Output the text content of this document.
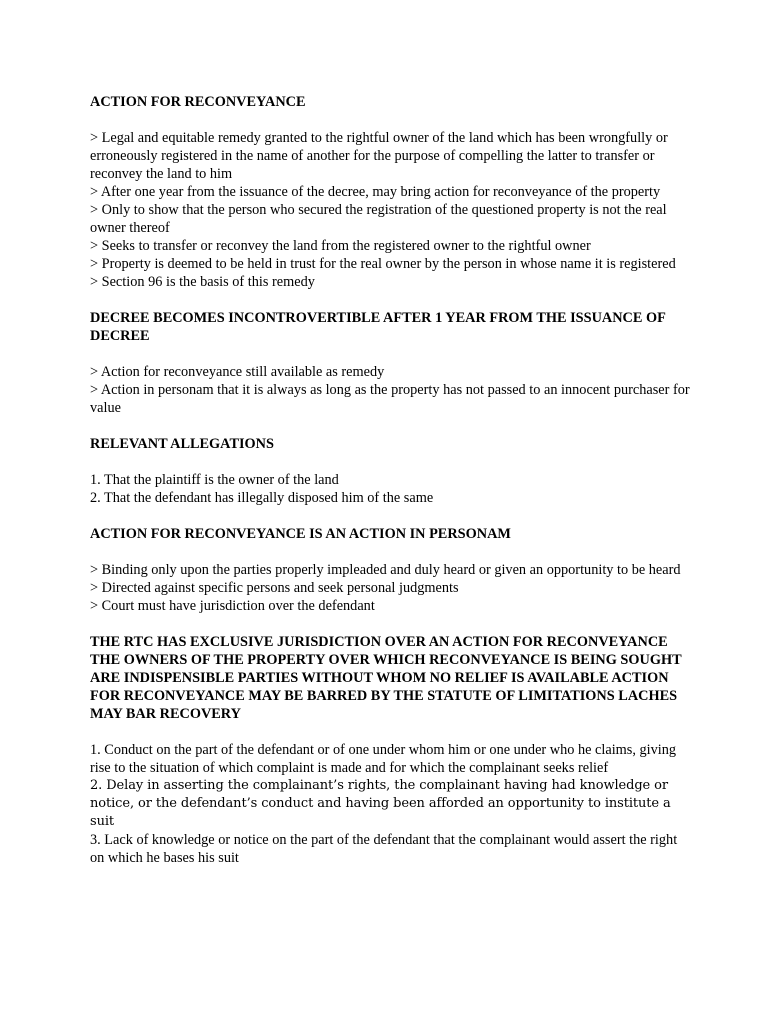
ACTION FOR RECONVEYANCE

> Legal and equitable remedy granted to the rightful owner of the land which has been wrongfully or erroneously registered in the name of another for the purpose of compelling the latter to transfer or reconvey the land to him

> After one year from the issuance of the decree, may bring action for reconveyance of the property

> Only to show that the person who secured the registration of the questioned property is not the real owner thereof

> Seeks to transfer or reconvey the land from the registered owner to the rightful owner

> Property is deemed to be held in trust for the real owner by the person in whose name it is registered

> Section 96 is the basis of this remedy

DECREE BECOMES INCONTROVERTIBLE AFTER 1 YEAR FROM THE ISSUANCE OF DECREE

> Action for reconveyance still available as remedy

> Action in personam that it is always as long as the property has not passed to an innocent purchaser for value

RELEVANT ALLEGATIONS

1. That the plaintiff is the owner of the land

2. That the defendant has illegally disposed him of the same

ACTION FOR RECONVEYANCE IS AN ACTION IN PERSONAM

> Binding only upon the parties properly impleaded and duly heard or given an opportunity to be heard

> Directed against specific persons and seek personal judgments

> Court must have jurisdiction over the defendant

THE RTC HAS EXCLUSIVE JURISDICTION OVER AN ACTION FOR RECONVEYANCE THE OWNERS OF THE PROPERTY OVER WHICH RECONVEYANCE IS BEING SOUGHT ARE INDISPENSIBLE PARTIES WITHOUT WHOM NO RELIEF IS AVAILABLE ACTION FOR RECONVEYANCE MAY BE BARRED BY THE STATUTE OF LIMITATIONS LACHES MAY BAR RECOVERY

1. Conduct on the part of the defendant or of one under whom him or one under who he claims, giving rise to the situation of which complaint is made and for which the complainant seeks relief

2. Delay in asserting the complainant’s rights, the complainant having had knowledge or notice, or the defendant’s conduct and having been afforded an opportunity to institute a suit

3. Lack of knowledge or notice on the part of the defendant that the complainant would assert the right on which he bases his suit
